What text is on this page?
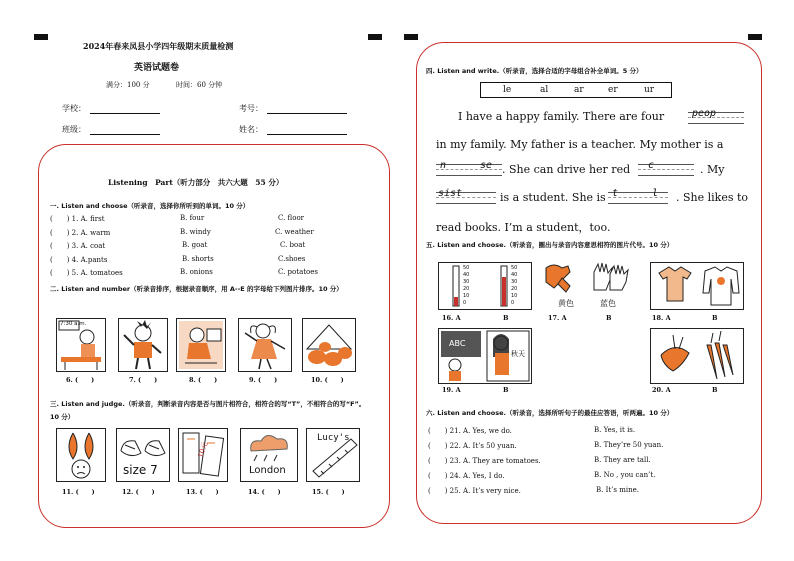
2024年春来凤县小学四年级期末质量检测
英语试题卷
满分：100 分	时间：60 分钟
学校：	考号：
班级：	姓名：
Listening　Part（听力部分　共六大题　55 分）
一. Listen and choose（听录音，选择你所听到的单词。10 分）
(　　) 1. A. first	B. four	C. floor
(　　) 2. A. warm	B. windy	C. weather
(　　) 3. A. coat	B. goat	C. boat
(　　) 4. A.pants	B. shorts	C.shoes
(　　) 5. A. tomatoes	B. onions	C. potatoes
二. Listen and number（听录音排序，根据录音顺序，用 A--E 的字母给下列图片排序。10 分）
7:30 a.m.
6. (　　)	7. (　　)	8. (　　)	9. (　　)	10. (　　)
三. Listen and judge.（听录音，判断录音内容是否与图片相符合，相符合的写“T”，不相符合的写“F”。10 分）
size 7
10元
London
Lucy's
11. (　　)	12. (　　)	13. (　　)	14. (　　)	15. (　　)
四. Listen and write.（听录音，选择合适的字母组合补全单词。5 分）
le	al	ar	er	ur
I have a happy family. There are four	peop
in my family. My father is a teacher. My mother is a
n	se . She can drive her red c	. My
sist	is a student. She is t	l . She likes to
read books. I’m a student，too.
五. Listen and choose.（听录音，圈出与录音内容意思相符的图片代号。10 分）
50
40
30
20
10
0
50
40
30
20
10
0	黄色	蓝色
16. A	B	17. A	B	18. A	B
ABC
秋天
19. A	B	20. A	B
六. Listen and choose.（听录音，选择所听句子的最佳应答语，听两遍。10 分）
(　　) 21. A. Yes, we do.	B. Yes, it is.
(　　) 22. A. It’s 50 yuan.	B. They’re 50 yuan.
(　　) 23. A. They are tomatoes.	B. They are tall.
(　　) 24. A. Yes, I do.	B. No , you can’t.
(　　) 25. A. It’s very nice.	B. It’s mine.
